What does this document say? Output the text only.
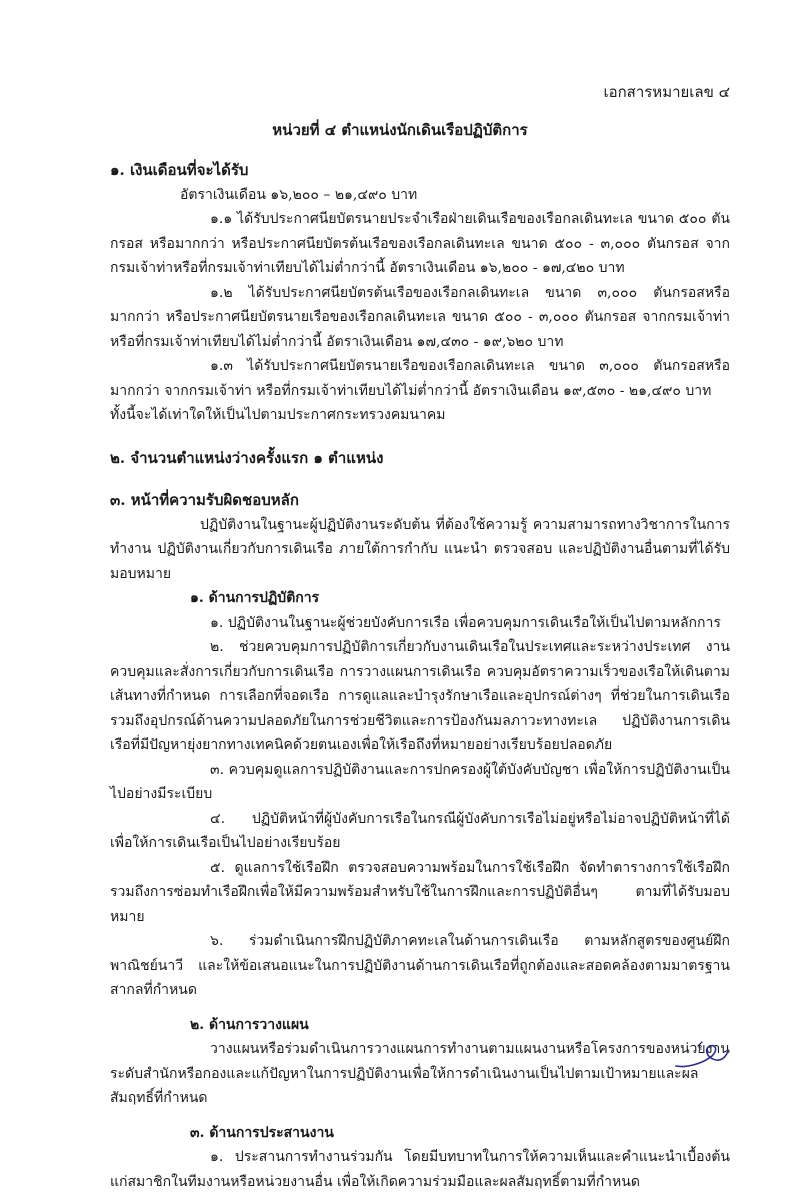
เอกสารหมายเลข ๔
หน่วยที่ ๔ ตำแหน่งนักเดินเรือปฏิบัติการ
๑. เงินเดือนที่จะได้รับ

อัตราเงินเดือน ๑๖,๒๐๐ – ๒๑,๔๙๐ บาท

๑.๑ ได้รับประกาศนียบัตรนายประจำเรือฝ่ายเดินเรือของเรือกลเดินทะเล ขนาด ๕๐๐ ตันกรอส หรือมากกว่า หรือประกาศนียบัตรต้นเรือของเรือกลเดินทะเล ขนาด ๕๐๐ - ๓,๐๐๐ ตันกรอส จากกรมเจ้าท่าหรือที่กรมเจ้าท่าเทียบได้ไม่ต่ำกว่านี้ อัตราเงินเดือน ๑๖,๒๐๐ - ๑๗,๔๒๐ บาท

๑.๒ ได้รับประกาศนียบัตรต้นเรือของเรือกลเดินทะเล ขนาด ๓,๐๐๐ ตันกรอสหรือมากกว่า หรือประกาศนียบัตรนายเรือของเรือกลเดินทะเล ขนาด ๕๐๐ - ๓,๐๐๐ ตันกรอส จากกรมเจ้าท่าหรือที่กรมเจ้าท่าเทียบได้ไม่ต่ำกว่านี้ อัตราเงินเดือน ๑๗,๔๓๐ - ๑๙,๖๒๐ บาท

๑.๓ ได้รับประกาศนียบัตรนายเรือของเรือกลเดินทะเล ขนาด ๓,๐๐๐ ตันกรอสหรือมากกว่า จากกรมเจ้าท่า หรือที่กรมเจ้าท่าเทียบได้ไม่ต่ำกว่านี้ อัตราเงินเดือน ๑๙,๕๓๐ - ๒๑,๔๙๐ บาท

ทั้งนี้จะได้เท่าใดให้เป็นไปตามประกาศกระทรวงคมนาคม

๒. จำนวนตำแหน่งว่างครั้งแรก ๑ ตำแหน่ง
๓. หน้าที่ความรับผิดชอบหลัก

ปฏิบัติงานในฐานะผู้ปฏิบัติงานระดับต้น ที่ต้องใช้ความรู้ ความสามารถทางวิชาการในการทำงาน ปฏิบัติงานเกี่ยวกับการเดินเรือ ภายใต้การกำกับ แนะนำ ตรวจสอบ และปฏิบัติงานอื่นตามที่ได้รับมอบหมาย

๑. ด้านการปฏิบัติการ

๑. ปฏิบัติงานในฐานะผู้ช่วยบังคับการเรือ เพื่อควบคุมการเดินเรือให้เป็นไปตามหลักการ

๒. ช่วยควบคุมการปฏิบัติการเกี่ยวกับงานเดินเรือในประเทศและระหว่างประเทศ งานควบคุมและสั่งการเกี่ยวกับการเดินเรือ การวางแผนการเดินเรือ ควบคุมอัตราความเร็วของเรือให้เดินตามเส้นทางที่กำหนด การเลือกที่จอดเรือ การดูแลและบำรุงรักษาเรือและอุปกรณ์ต่างๆ ที่ช่วยในการเดินเรือ รวมถึงอุปกรณ์ด้านความปลอดภัยในการช่วยชีวิตและการป้องกันมลภาวะทางทะเล ปฏิบัติงานการเดินเรือที่มีปัญหายุ่งยากทางเทคนิคด้วยตนเองเพื่อให้เรือถึงที่หมายอย่างเรียบร้อยปลอดภัย

๓. ควบคุมดูแลการปฏิบัติงานและการปกครองผู้ใต้บังคับบัญชา เพื่อให้การปฏิบัติงานเป็นไปอย่างมีระเบียบ

๔. ปฏิบัติหน้าที่ผู้บังคับการเรือในกรณีผู้บังคับการเรือไม่อยู่หรือไม่อาจปฏิบัติหน้าที่ได้ เพื่อให้การเดินเรือเป็นไปอย่างเรียบร้อย

๕. ดูแลการใช้เรือฝึก ตรวจสอบความพร้อมในการใช้เรือฝึก จัดทำตารางการใช้เรือฝึก รวมถึงการซ่อมทำเรือฝึกเพื่อให้มีความพร้อมสำหรับใช้ในการฝึกและการปฏิบัติอื่นๆ ตามที่ได้รับมอบหมาย

๖. ร่วมดำเนินการฝึกปฏิบัติภาคทะเลในด้านการเดินเรือ ตามหลักสูตรของศูนย์ฝึกพาณิชย์นาวี และให้ข้อเสนอแนะในการปฏิบัติงานด้านการเดินเรือที่ถูกต้องและสอดคล้องตามมาตรฐานสากลที่กำหนด

๒. ด้านการวางแผน

วางแผนหรือร่วมดำเนินการวางแผนการทำงานตามแผนงานหรือโครงการของหน่วยงานระดับสำนักหรือกองและแก้ปัญหาในการปฏิบัติงานเพื่อให้การดำเนินงานเป็นไปตามเป้าหมายและผลสัมฤทธิ์ที่กำหนด

๓. ด้านการประสานงาน

๑. ประสานการทำงานร่วมกัน โดยมีบทบาทในการให้ความเห็นและคำแนะนำเบื้องต้นแก่สมาชิกในทีมงานหรือหน่วยงานอื่น เพื่อให้เกิดความร่วมมือและผลสัมฤทธิ์ตามที่กำหนด
